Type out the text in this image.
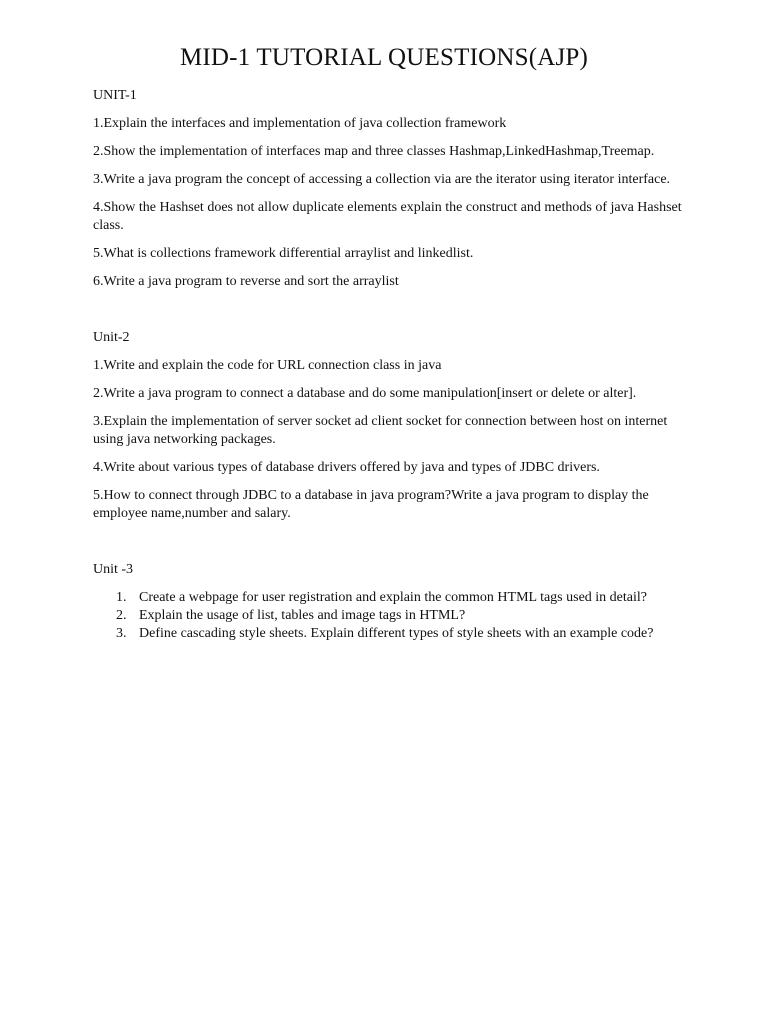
MID-1 TUTORIAL QUESTIONS(AJP)

UNIT-1

1.Explain the interfaces and implementation of java collection framework

2.Show the implementation of interfaces map and three classes Hashmap,LinkedHashmap,Treemap.

3.Write a java program the concept of accessing a collection via are the iterator using iterator interface.

4.Show the Hashset does not allow duplicate elements explain the construct and methods of java Hashset class.

5.What is collections framework differential arraylist and linkedlist.

6.Write a java program to reverse and sort the arraylist

Unit-2

1.Write and explain the code for URL connection class in java

2.Write a java program to connect a database and do some manipulation[insert or delete or alter].

3.Explain the implementation of server socket ad client socket for connection between host on internet using java networking packages.

4.Write about various types of database drivers offered by java and types of JDBC drivers.

5.How to connect through JDBC to a database in java program?Write a java program to display the employee name,number and salary.

Unit -3

1. Create a webpage for user registration and explain the common HTML tags used in detail?
2. Explain the usage of list, tables and image tags in HTML?
3. Define cascading style sheets. Explain different types of style sheets with an example code?
